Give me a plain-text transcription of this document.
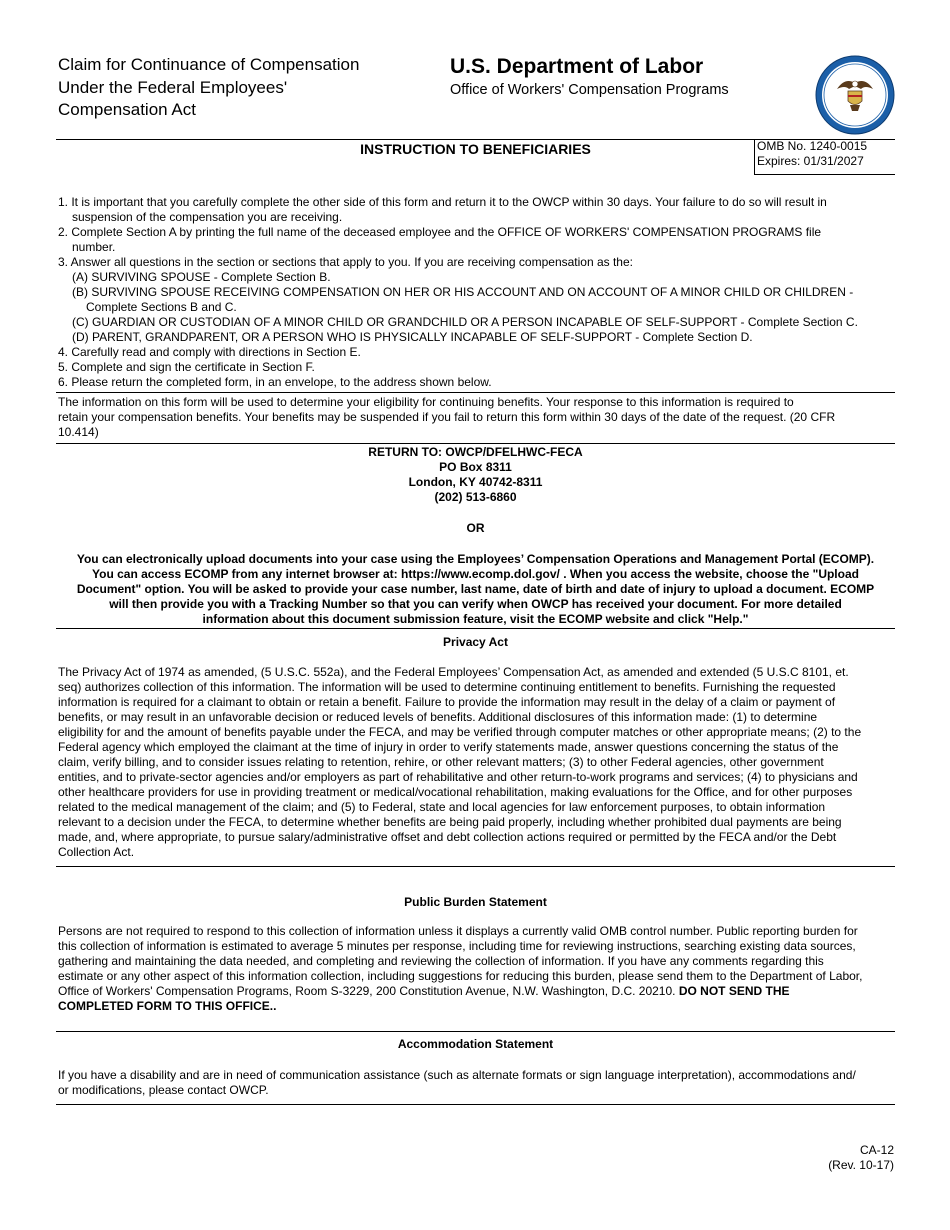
Claim for Continuance of Compensation
Under the Federal Employees'
Compensation Act
U.S. Department of Labor
Office of Workers' Compensation Programs
INSTRUCTION TO BENEFICIARIES	OMB No. 1240-0015
Expires: 01/31/2027
1. It is important that you carefully complete the other side of this form and return it to the OWCP within 30 days. Your failure to do so will result in
suspension of the compensation you are receiving.
2. Complete Section A by printing the full name of the deceased employee and the OFFICE OF WORKERS' COMPENSATION PROGRAMS file
number.
3. Answer all questions in the section or sections that apply to you. If you are receiving compensation as the:
(A) SURVIVING SPOUSE - Complete Section B.
(B) SURVIVING SPOUSE RECEIVING COMPENSATION ON HER OR HIS ACCOUNT AND ON ACCOUNT OF A MINOR CHILD OR CHILDREN -
Complete Sections B and C.
(C) GUARDIAN OR CUSTODIAN OF A MINOR CHILD OR GRANDCHILD OR A PERSON INCAPABLE OF SELF-SUPPORT - Complete Section C.
(D) PARENT, GRANDPARENT, OR A PERSON WHO IS PHYSICALLY INCAPABLE OF SELF-SUPPORT - Complete Section D.
4. Carefully read and comply with directions in Section E.
5. Complete and sign the certificate in Section F.
6. Please return the completed form, in an envelope, to the address shown below.
The information on this form will be used to determine your eligibility for continuing benefits. Your response to this information is required to
retain your compensation benefits. Your benefits may be suspended if you fail to return this form within 30 days of the date of the request. (20 CFR
10.414)
RETURN TO: OWCP/DFELHWC-FECA
PO Box 8311
London, KY 40742-8311
(202) 513-6860
OR
You can electronically upload documents into your case using the Employees’ Compensation Operations and Management Portal (ECOMP).
You can access ECOMP from any internet browser at: https://www.ecomp.dol.gov/ . When you access the website, choose the "Upload
Document" option. You will be asked to provide your case number, last name, date of birth and date of injury to upload a document. ECOMP
will then provide you with a Tracking Number so that you can verify when OWCP has received your document. For more detailed
information about this document submission feature, visit the ECOMP website and click "Help."
Privacy Act
The Privacy Act of 1974 as amended, (5 U.S.C. 552a), and the Federal Employees’ Compensation Act, as amended and extended (5 U.S.C 8101, et.
seq) authorizes collection of this information. The information will be used to determine continuing entitlement to benefits. Furnishing the requested
information is required for a claimant to obtain or retain a benefit. Failure to provide the information may result in the delay of a claim or payment of
benefits, or may result in an unfavorable decision or reduced levels of benefits. Additional disclosures of this information made: (1) to determine
eligibility for and the amount of benefits payable under the FECA, and may be verified through computer matches or other appropriate means; (2) to the
Federal agency which employed the claimant at the time of injury in order to verify statements made, answer questions concerning the status of the
claim, verify billing, and to consider issues relating to retention, rehire, or other relevant matters; (3) to other Federal agencies, other government
entities, and to private-sector agencies and/or employers as part of rehabilitative and other return-to-work programs and services; (4) to physicians and
other healthcare providers for use in providing treatment or medical/vocational rehabilitation, making evaluations for the Office, and for other purposes
related to the medical management of the claim; and (5) to Federal, state and local agencies for law enforcement purposes, to obtain information
relevant to a decision under the FECA, to determine whether benefits are being paid properly, including whether prohibited dual payments are being
made, and, where appropriate, to pursue salary/administrative offset and debt collection actions required or permitted by the FECA and/or the Debt
Collection Act.
Public Burden Statement
Persons are not required to respond to this collection of information unless it displays a currently valid OMB control number. Public reporting burden for
this collection of information is estimated to average 5 minutes per response, including time for reviewing instructions, searching existing data sources,
gathering and maintaining the data needed, and completing and reviewing the collection of information. If you have any comments regarding this
estimate or any other aspect of this information collection, including suggestions for reducing this burden, please send them to the Department of Labor,
Office of Workers' Compensation Programs, Room S-3229, 200 Constitution Avenue, N.W. Washington, D.C. 20210. DO NOT SEND THE
COMPLETED FORM TO THIS OFFICE..
Accommodation Statement
If you have a disability and are in need of communication assistance (such as alternate formats or sign language interpretation), accommodations and/
or modifications, please contact OWCP.
CA-12
(Rev. 10-17)
